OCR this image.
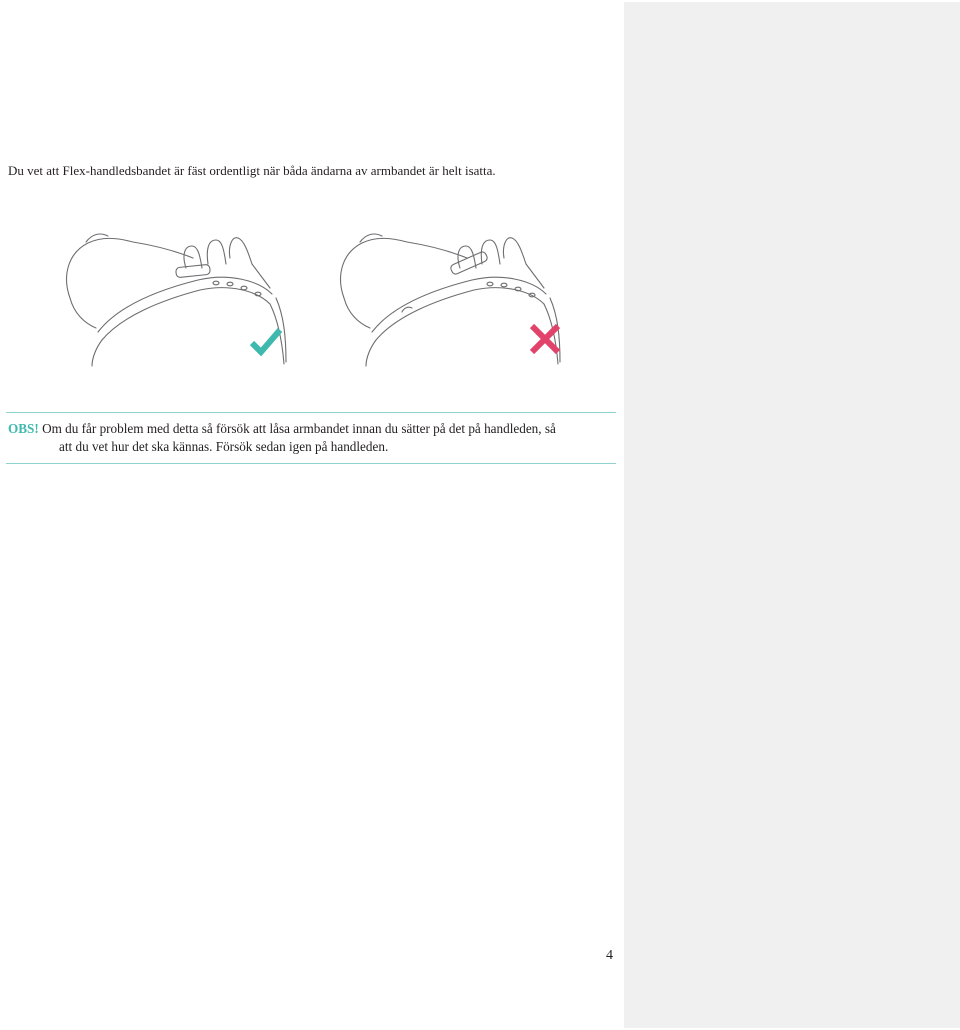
Du vet att Flex-handledsbandet är fäst ordentligt när båda ändarna av armbandet är helt isatta.

OBS! Om du får problem med detta så försök att låsa armbandet innan du sätter på det på handleden, så
att du vet hur det ska kännas. Försök sedan igen på handleden.
4
